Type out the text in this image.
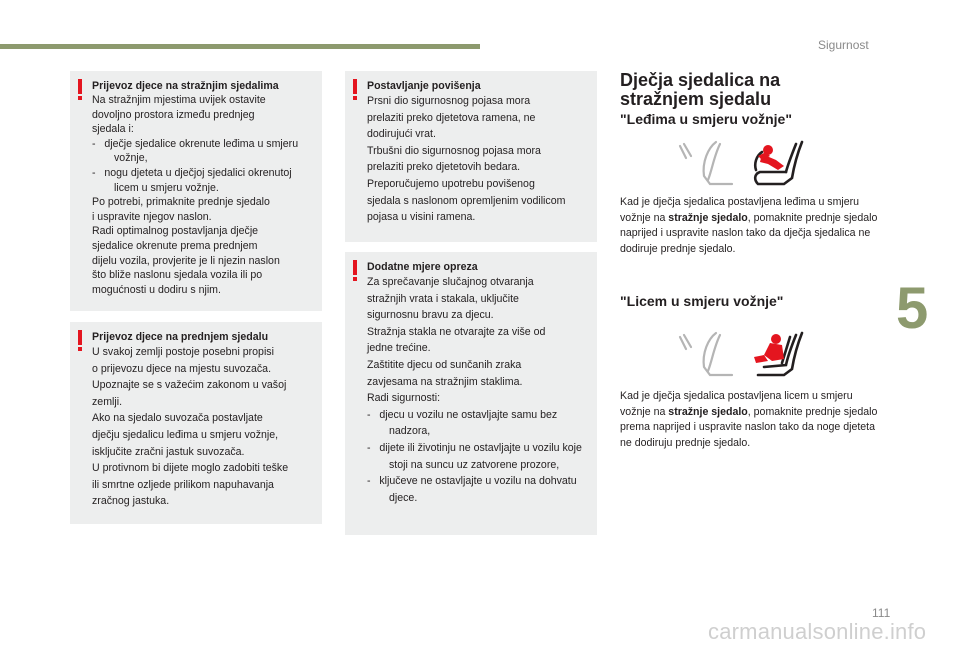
Sigurnost
5
Prijevoz djece na stražnjim sjedalima

Na stražnjim mjestima uvijek ostavite

dovoljno prostora između prednjeg

sjedala i:

-   dječje sjedalice okrenute leđima u smjeru vožnje,

-   nogu djeteta u dječjoj sjedalici okrenutoj licem u smjeru vožnje.

Po potrebi, primaknite prednje sjedalo

i uspravite njegov naslon.

Radi optimalnog postavljanja dječje

sjedalice okrenute prema prednjem

dijelu vozila, provjerite je li njezin naslon

što bliže naslonu sjedala vozila ili po

mogućnosti u dodiru s njim.

Prijevoz djece na prednjem sjedalu

U svakoj zemlji postoje posebni propisi

o prijevozu djece na mjestu suvozača.

Upoznajte se s važećim zakonom u vašoj

zemlji.

Ako na sjedalo suvozača postavljate

dječju sjedalicu leđima u smjeru vožnje,

isključite zračni jastuk suvozača.

U protivnom bi dijete moglo zadobiti teške

ili smrtne ozljede prilikom napuhavanja

zračnog jastuka.

Postavljanje povišenja

Prsni dio sigurnosnog pojasa mora

prelaziti preko djetetova ramena, ne

dodirujući vrat.

Trbušni dio sigurnosnog pojasa mora

prelaziti preko djetetovih bedara.

Preporučujemo upotrebu povišenog

sjedala s naslonom opremljenim vodilicom

pojasa u visini ramena.

Dodatne mjere opreza

Za sprečavanje slučajnog otvaranja

stražnjih vrata i stakala, uključite

sigurnosnu bravu za djecu.

Stražnja stakla ne otvarajte za više od

jedne trećine.

Zaštitite djecu od sunčanih zraka

zavjesama na stražnjim staklima.

Radi sigurnosti:

-   djecu u vozilu ne ostavljajte samu bez nadzora,

-   dijete ili životinju ne ostavljajte u vozilu koje stoji na suncu uz zatvorene prozore,

-   ključeve ne ostavljajte u vozilu na dohvatu djece.

Dječja sjedalica na
stražnjem sjedalu
"Leđima u smjeru vožnje"
Kad je dječja sjedalica postavljena leđima u smjeru vožnje na stražnje sjedalo, pomaknite prednje sjedalo naprijed i uspravite naslon tako da dječja sjedalica ne dodiruje prednje sjedalo.
"Licem u smjeru vožnje"
Kad je dječja sjedalica postavljena licem u smjeru vožnje na stražnje sjedalo, pomaknite prednje sjedalo prema naprijed i uspravite naslon tako da noge djeteta ne dodiruju prednje sjedalo.
111
carmanualsonline.info
